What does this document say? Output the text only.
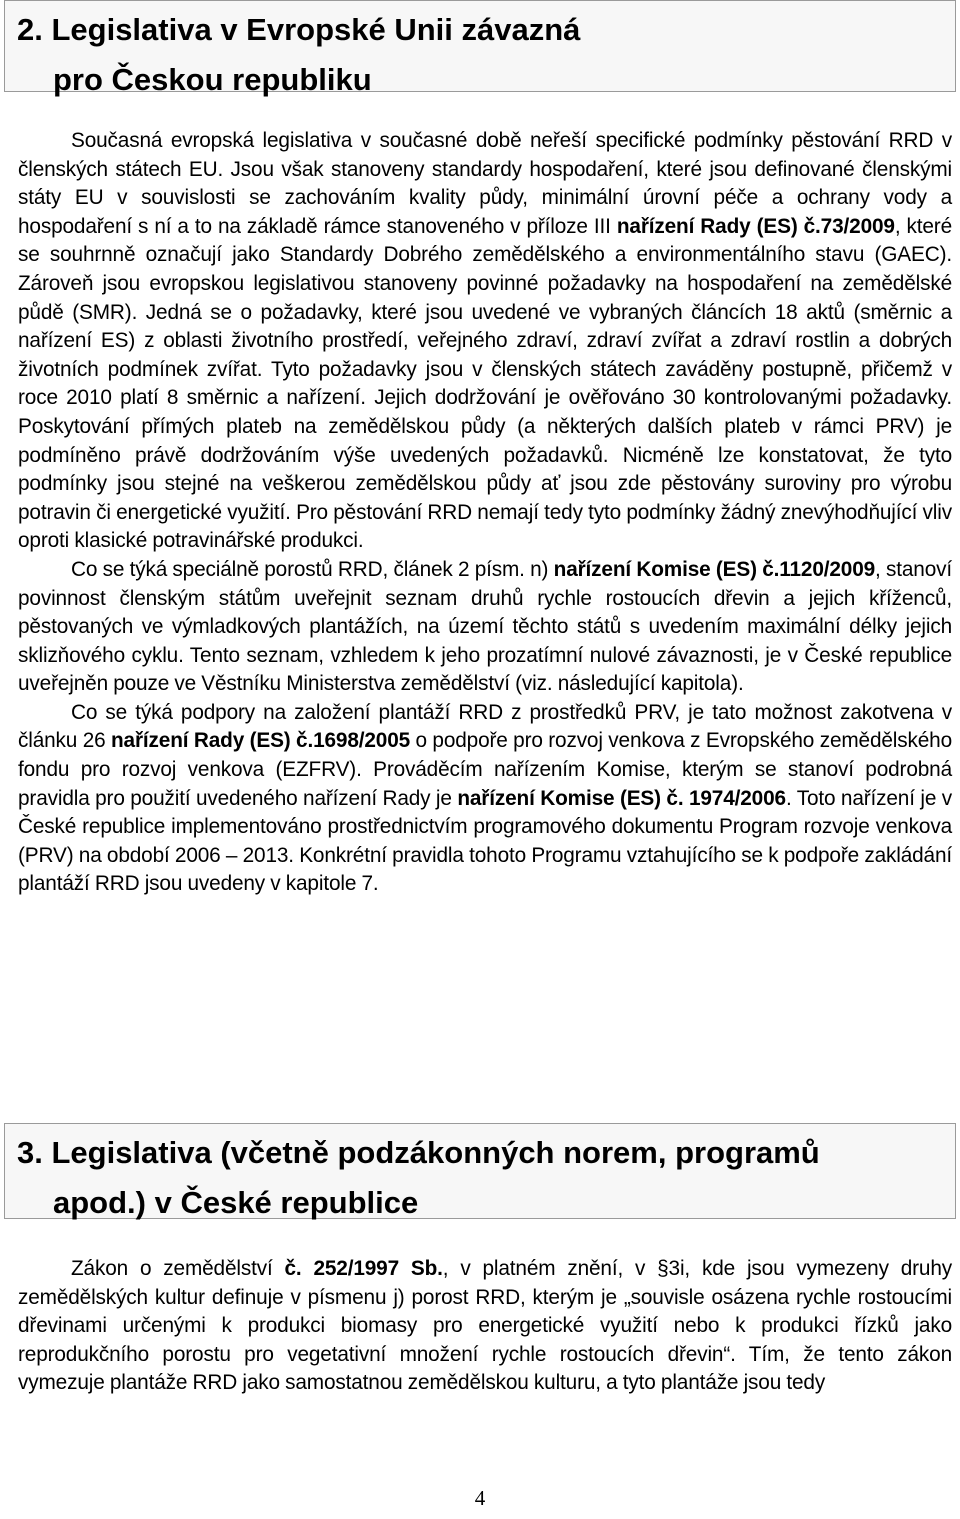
2. Legislativa v Evropské Unii závazná
pro Českou republiku

Současná evropská legislativa v současné době neřeší specifické podmínky pěstování RRD v členských státech EU. Jsou však stanoveny standardy hospodaření, které jsou definované členskými státy EU v souvislosti se zachováním kvality půdy, minimální úrovní péče a ochrany vody a hospodaření s ní a to na základě rámce stanoveného v příloze III nařízení Rady (ES) č.73/2009, které se souhrnně označují jako Standardy Dobrého zemědělského a environmentálního stavu (GAEC). Zároveň jsou evropskou legislativou stanoveny povinné požadavky na hospodaření na zemědělské půdě (SMR). Jedná se o požadavky, které jsou uvedené ve vybraných článcích 18 aktů (směrnic a nařízení ES) z oblasti životního prostředí, veřejného zdraví, zdraví zvířat a zdraví rostlin a dobrých životních podmínek zvířat. Tyto požadavky jsou v členských státech zaváděny postupně, přičemž v roce 2010 platí 8 směrnic a nařízení. Jejich dodržování je ověřováno 30 kontrolovanými požadavky. Poskytování přímých plateb na zemědělskou půdy (a některých dalších plateb v rámci PRV) je podmíněno právě dodržováním výše uvedených požadavků. Nicméně lze konstatovat, že tyto podmínky jsou stejné na veškerou zemědělskou půdy ať jsou zde pěstovány suroviny pro výrobu potravin či energetické využití. Pro pěstování RRD nemají tedy tyto podmínky žádný znevýhodňující vliv oproti klasické potravinářské produkci.

Co se týká speciálně porostů RRD, článek 2 písm. n) nařízení Komise (ES) č.1120/2009, stanoví povinnost členským státům uveřejnit seznam druhů rychle rostoucích dřevin a jejich kříženců, pěstovaných ve výmladkových plantážích, na území těchto států s uvedením maximální délky jejich sklizňového cyklu. Tento seznam, vzhledem k jeho prozatímní nulové závaznosti, je v České republice uveřejněn pouze ve Věstníku Ministerstva zemědělství (viz. následující kapitola).

Co se týká podpory na založení plantáží RRD z prostředků PRV, je tato možnost zakotvena v článku 26 nařízení Rady (ES) č.1698/2005 o podpoře pro rozvoj venkova z Evropského zemědělského fondu pro rozvoj venkova (EZFRV). Prováděcím nařízením Komise, kterým se stanoví podrobná pravidla pro použití uvedeného nařízení Rady je nařízení Komise (ES) č. 1974/2006. Toto nařízení je v České republice implementováno prostřednictvím programového dokumentu Program rozvoje venkova (PRV) na období 2006 – 2013. Konkrétní pravidla tohoto Programu vztahujícího se k podpoře zakládání plantáží RRD jsou uvedeny v kapitole 7.

3. Legislativa (včetně podzákonných norem, programů
apod.) v České republice

Zákon o zemědělství č. 252/1997 Sb., v platném znění, v §3i, kde jsou vymezeny druhy zemědělských kultur definuje v písmenu j) porost RRD, kterým je „souvisle osázena rychle rostoucími dřevinami určenými k produkci biomasy pro energetické využití nebo k produkci řízků jako reprodukčního porostu pro vegetativní množení rychle rostoucích dřevin“. Tím, že tento zákon vymezuje plantáže RRD jako samostatnou zemědělskou kulturu, a tyto plantáže jsou tedy

4
